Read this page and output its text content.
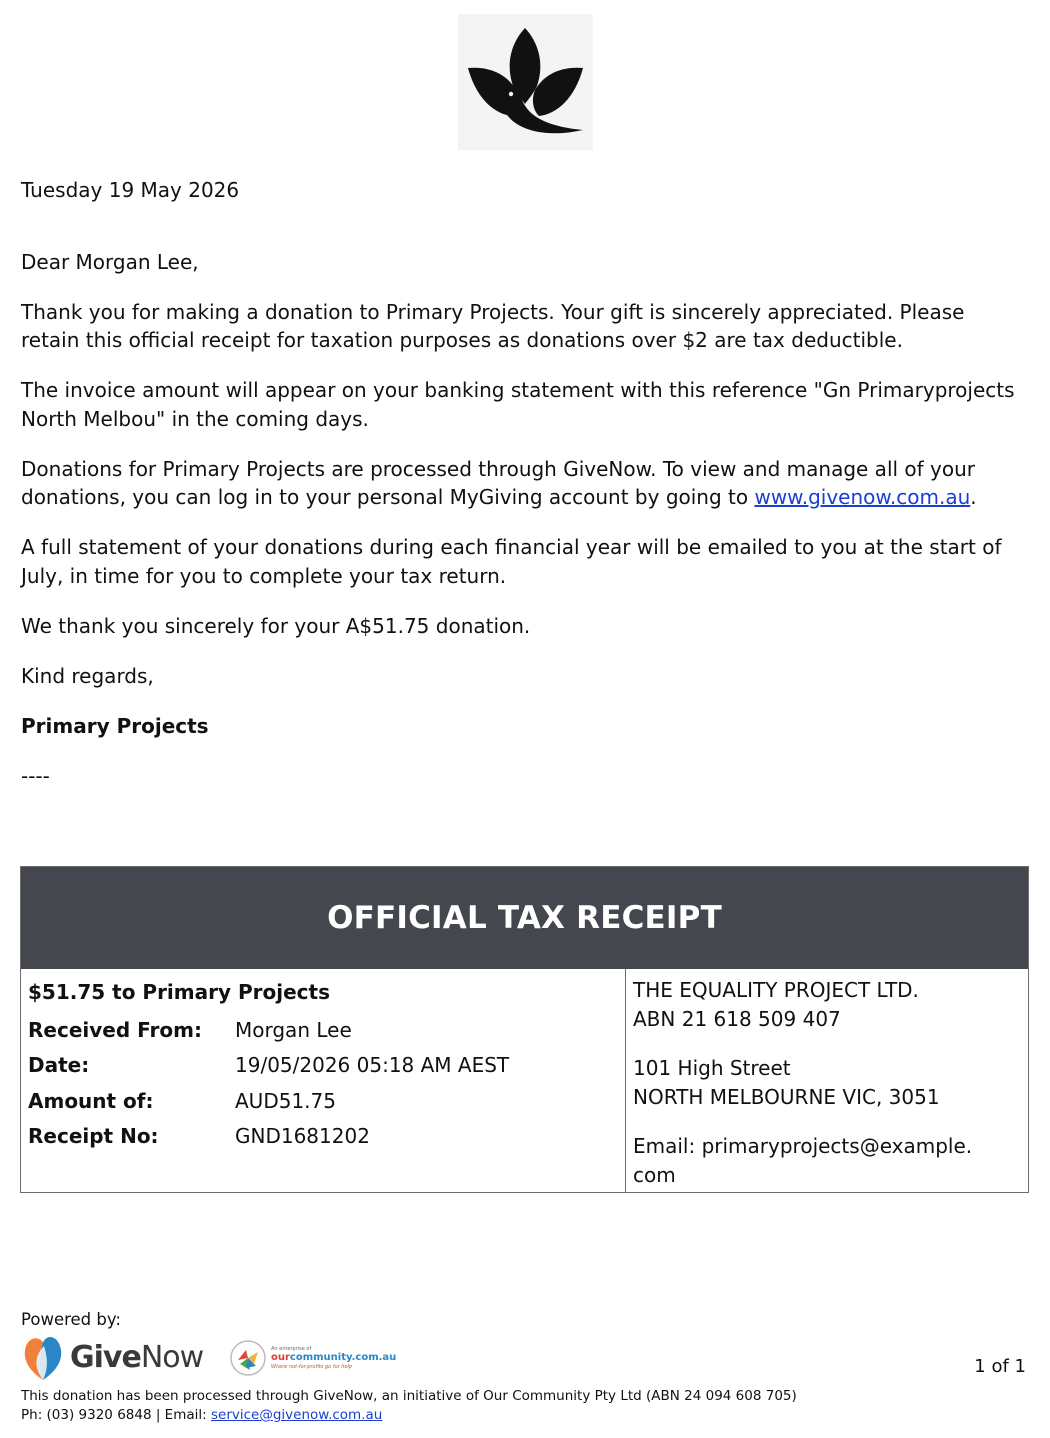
Tuesday 19 May 2026

Dear Morgan Lee,

Thank you for making a donation to Primary Projects. Your gift is sincerely appreciated. Please retain this official receipt for taxation purposes as donations over $2 are tax deductible.

The invoice amount will appear on your banking statement with this reference "Gn Primaryprojects North Melbou" in the coming days.

Donations for Primary Projects are processed through GiveNow. To view and manage all of your donations, you can log in to your personal MyGiving account by going to www.givenow.com.au.

A full statement of your donations during each financial year will be emailed to you at the start of July, in time for you to complete your tax return.

We thank you sincerely for your A$51.75 donation.

Kind regards,

Primary Projects

----

OFFICIAL TAX RECEIPT
$51.75 to Primary Projects
Received From:	Morgan Lee
Date:	19/05/2026 05:18 AM AEST
Amount of:	AUD51.75
Receipt No:	GND1681202
THE EQUALITY PROJECT LTD.
ABN 21 618 509 407
101 High Street
NORTH MELBOURNE VIC, 3051
Email: primaryprojects@example.
com
Powered by:
GiveNow	An enterprise of
ourcommunity.com.au
Where not-for-profits go for help	1 of 1
This donation has been processed through GiveNow, an initiative of Our Community Pty Ltd (ABN 24 094 608 705)
Ph: (03) 9320 6848 | Email: service@givenow.com.au
